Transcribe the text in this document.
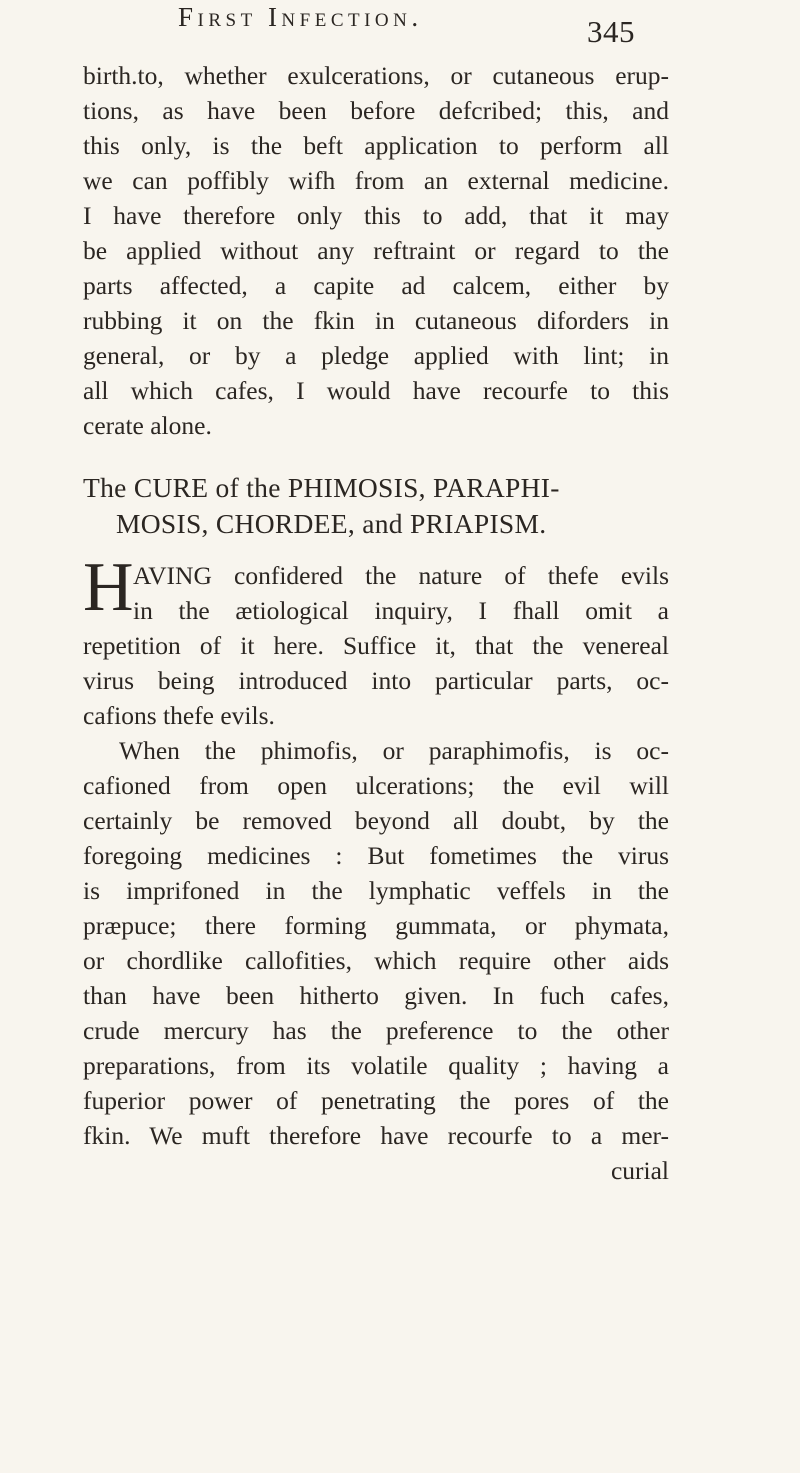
First Infection.	345
birth.to, whether exulcerations, or cutaneous erup-
tions, as have been before defcribed; this, and
this only, is the beft application to perform all
we can poffibly wifh from an external medicine.
I have therefore only this to add, that it may
be applied without any reftraint or regard to the
parts affected, a capite ad calcem, either by
rubbing it on the fkin in cutaneous diforders in
general, or by a pledge applied with lint; in
all which cafes, I would have recourfe to this
cerate alone.
The CURE of the PHIMOSIS, PARAPHI-
MOSIS, CHORDEE, and PRIAPISM.
H AVING confidered the nature of thefe evils
in the ætiological inquiry, I fhall omit a
repetition of it here. Suffice it, that the venereal
virus being introduced into particular parts, oc-
cafions thefe evils.
When the phimofis, or paraphimofis, is oc-
cafioned from open ulcerations; the evil will
certainly be removed beyond all doubt, by the
foregoing medicines : But fometimes the virus
is imprifoned in the lymphatic veffels in the
præpuce; there forming gummata, or phymata,
or chordlike callofities, which require other aids
than have been hitherto given. In fuch cafes,
crude mercury has the preference to the other
preparations, from its volatile quality ; having a
fuperior power of penetrating the pores of the
fkin. We muft therefore have recourfe to a mer-
curial
